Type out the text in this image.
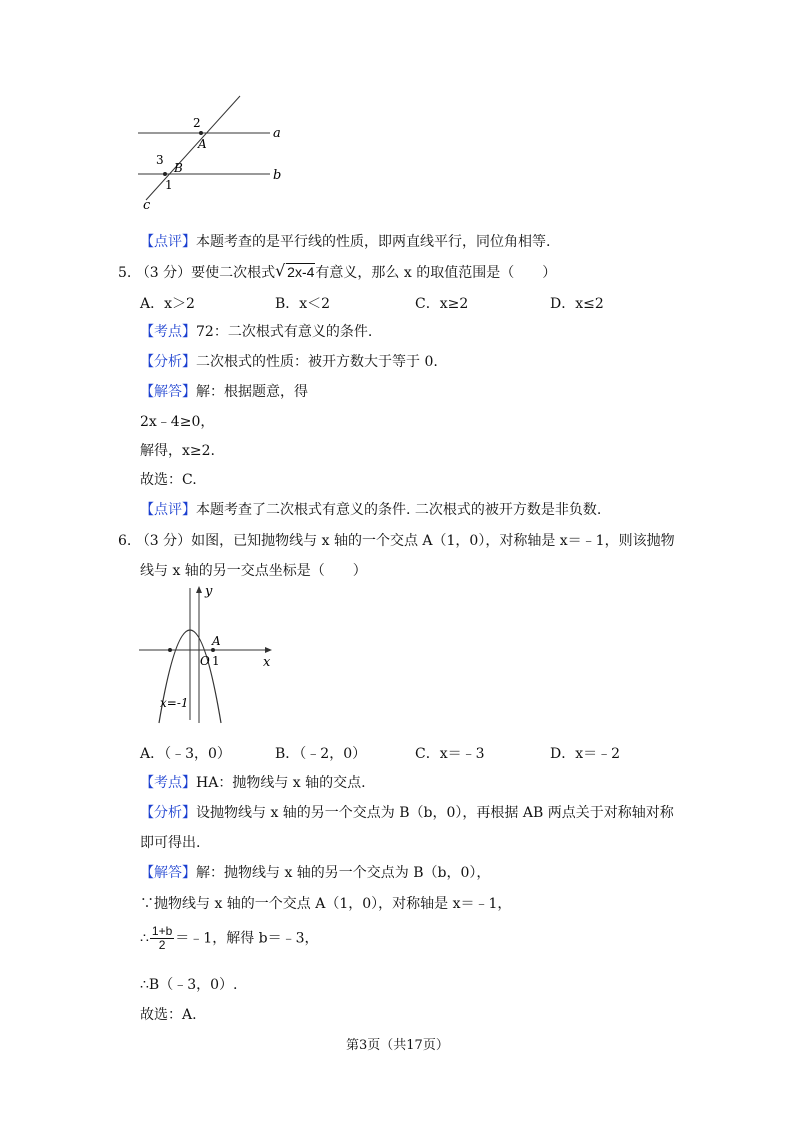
2
A
a
3
B
1
b
c
【点评】本题考查的是平行线的性质，即两直线平行，同位角相等.
5. （3 分）要使二次根式 √ 2x-4有意义，那么 x 的取值范围是（　　）
A．x＞2	B．x＜2	C．x≥2	D．x≤2
【考点】72：二次根式有意义的条件.
【分析】二次根式的性质：被开方数大于等于 0.
【解答】解：根据题意，得
2x﹣4≥0，
解得，x≥2.
故选：C.
【点评】本题考查了二次根式有意义的条件. 二次根式的被开方数是非负数.
6. （3 分）如图，已知抛物线与 x 轴的一个交点 A（1，0），对称轴是 x＝﹣1，则该抛物
线与 x 轴的另一交点坐标是（　　）
y
x
A
O 1
x=-1
A．（﹣3，0）	B．（﹣2，0）	C．x＝﹣3	D．x＝﹣2
【考点】HA：抛物线与 x 轴的交点.
【分析】设抛物线与 x 轴的另一个交点为 B（b，0），再根据 AB 两点关于对称轴对称
即可得出.
【解答】解：抛物线与 x 轴的另一个交点为 B（b，0），
∵抛物线与 x 轴的一个交点 A（1，0），对称轴是 x＝﹣1，
∴ $\frac{1+b}{2}$ ＝﹣1，解得 b＝﹣3，
∴B（﹣3，0）.
故选：A.
第3页（共17页）
